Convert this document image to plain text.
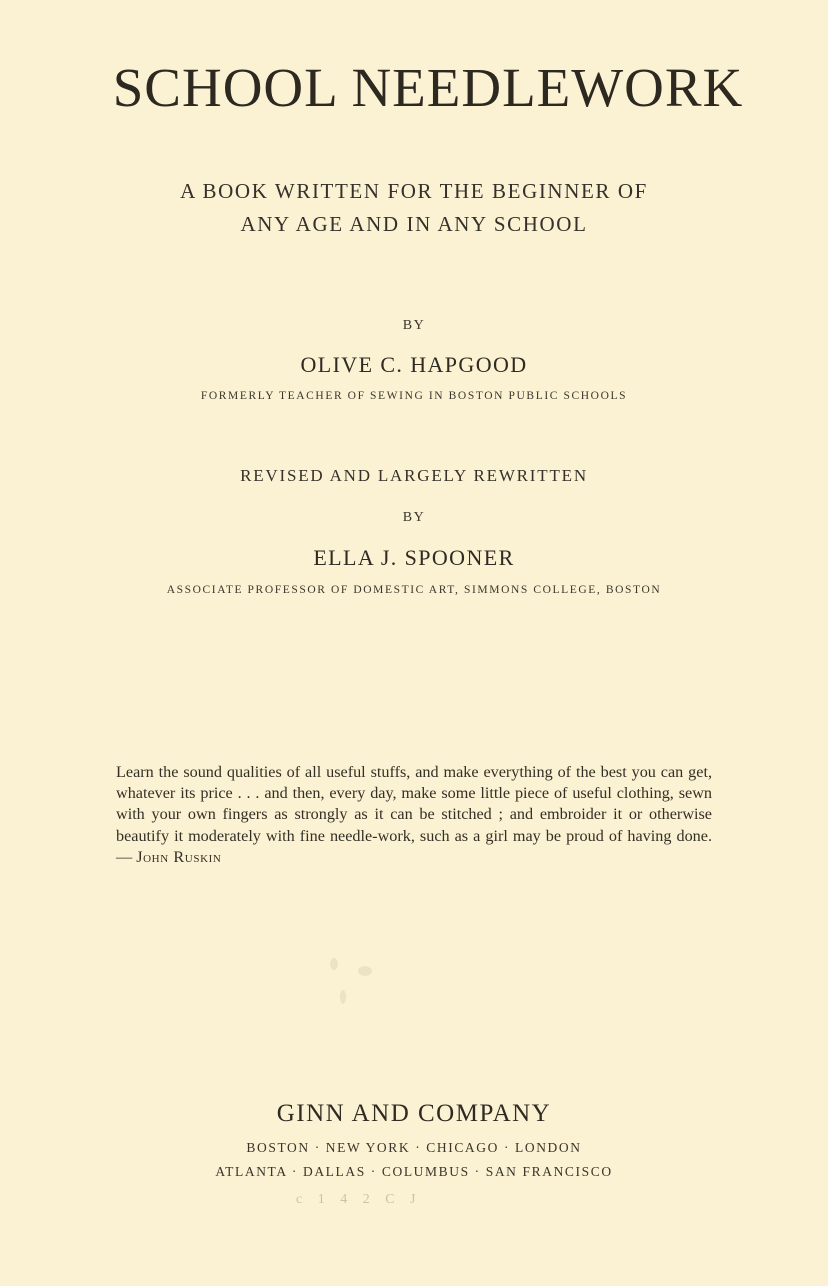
SCHOOL NEEDLEWORK
A BOOK WRITTEN FOR THE BEGINNER OF
ANY AGE AND IN ANY SCHOOL
BY
OLIVE C. HAPGOOD
FORMERLY TEACHER OF SEWING IN BOSTON PUBLIC SCHOOLS
REVISED AND LARGELY REWRITTEN
BY
ELLA J. SPOONER
ASSOCIATE PROFESSOR OF DOMESTIC ART, SIMMONS COLLEGE, BOSTON
Learn the sound qualities of all useful stuffs, and make everything of the best you can get, whatever its price . . . and then, every day, make some little piece of useful clothing, sewn with your own fingers as strongly as it can be stitched ; and embroider it or otherwise beautify it moderately with fine needle-work, such as a girl may be proud of having done. — John Ruskin
GINN AND COMPANY
BOSTON · NEW YORK · CHICAGO · LONDON
ATLANTA · DALLAS · COLUMBUS · SAN FRANCISCO
c 1 4 2 C J
